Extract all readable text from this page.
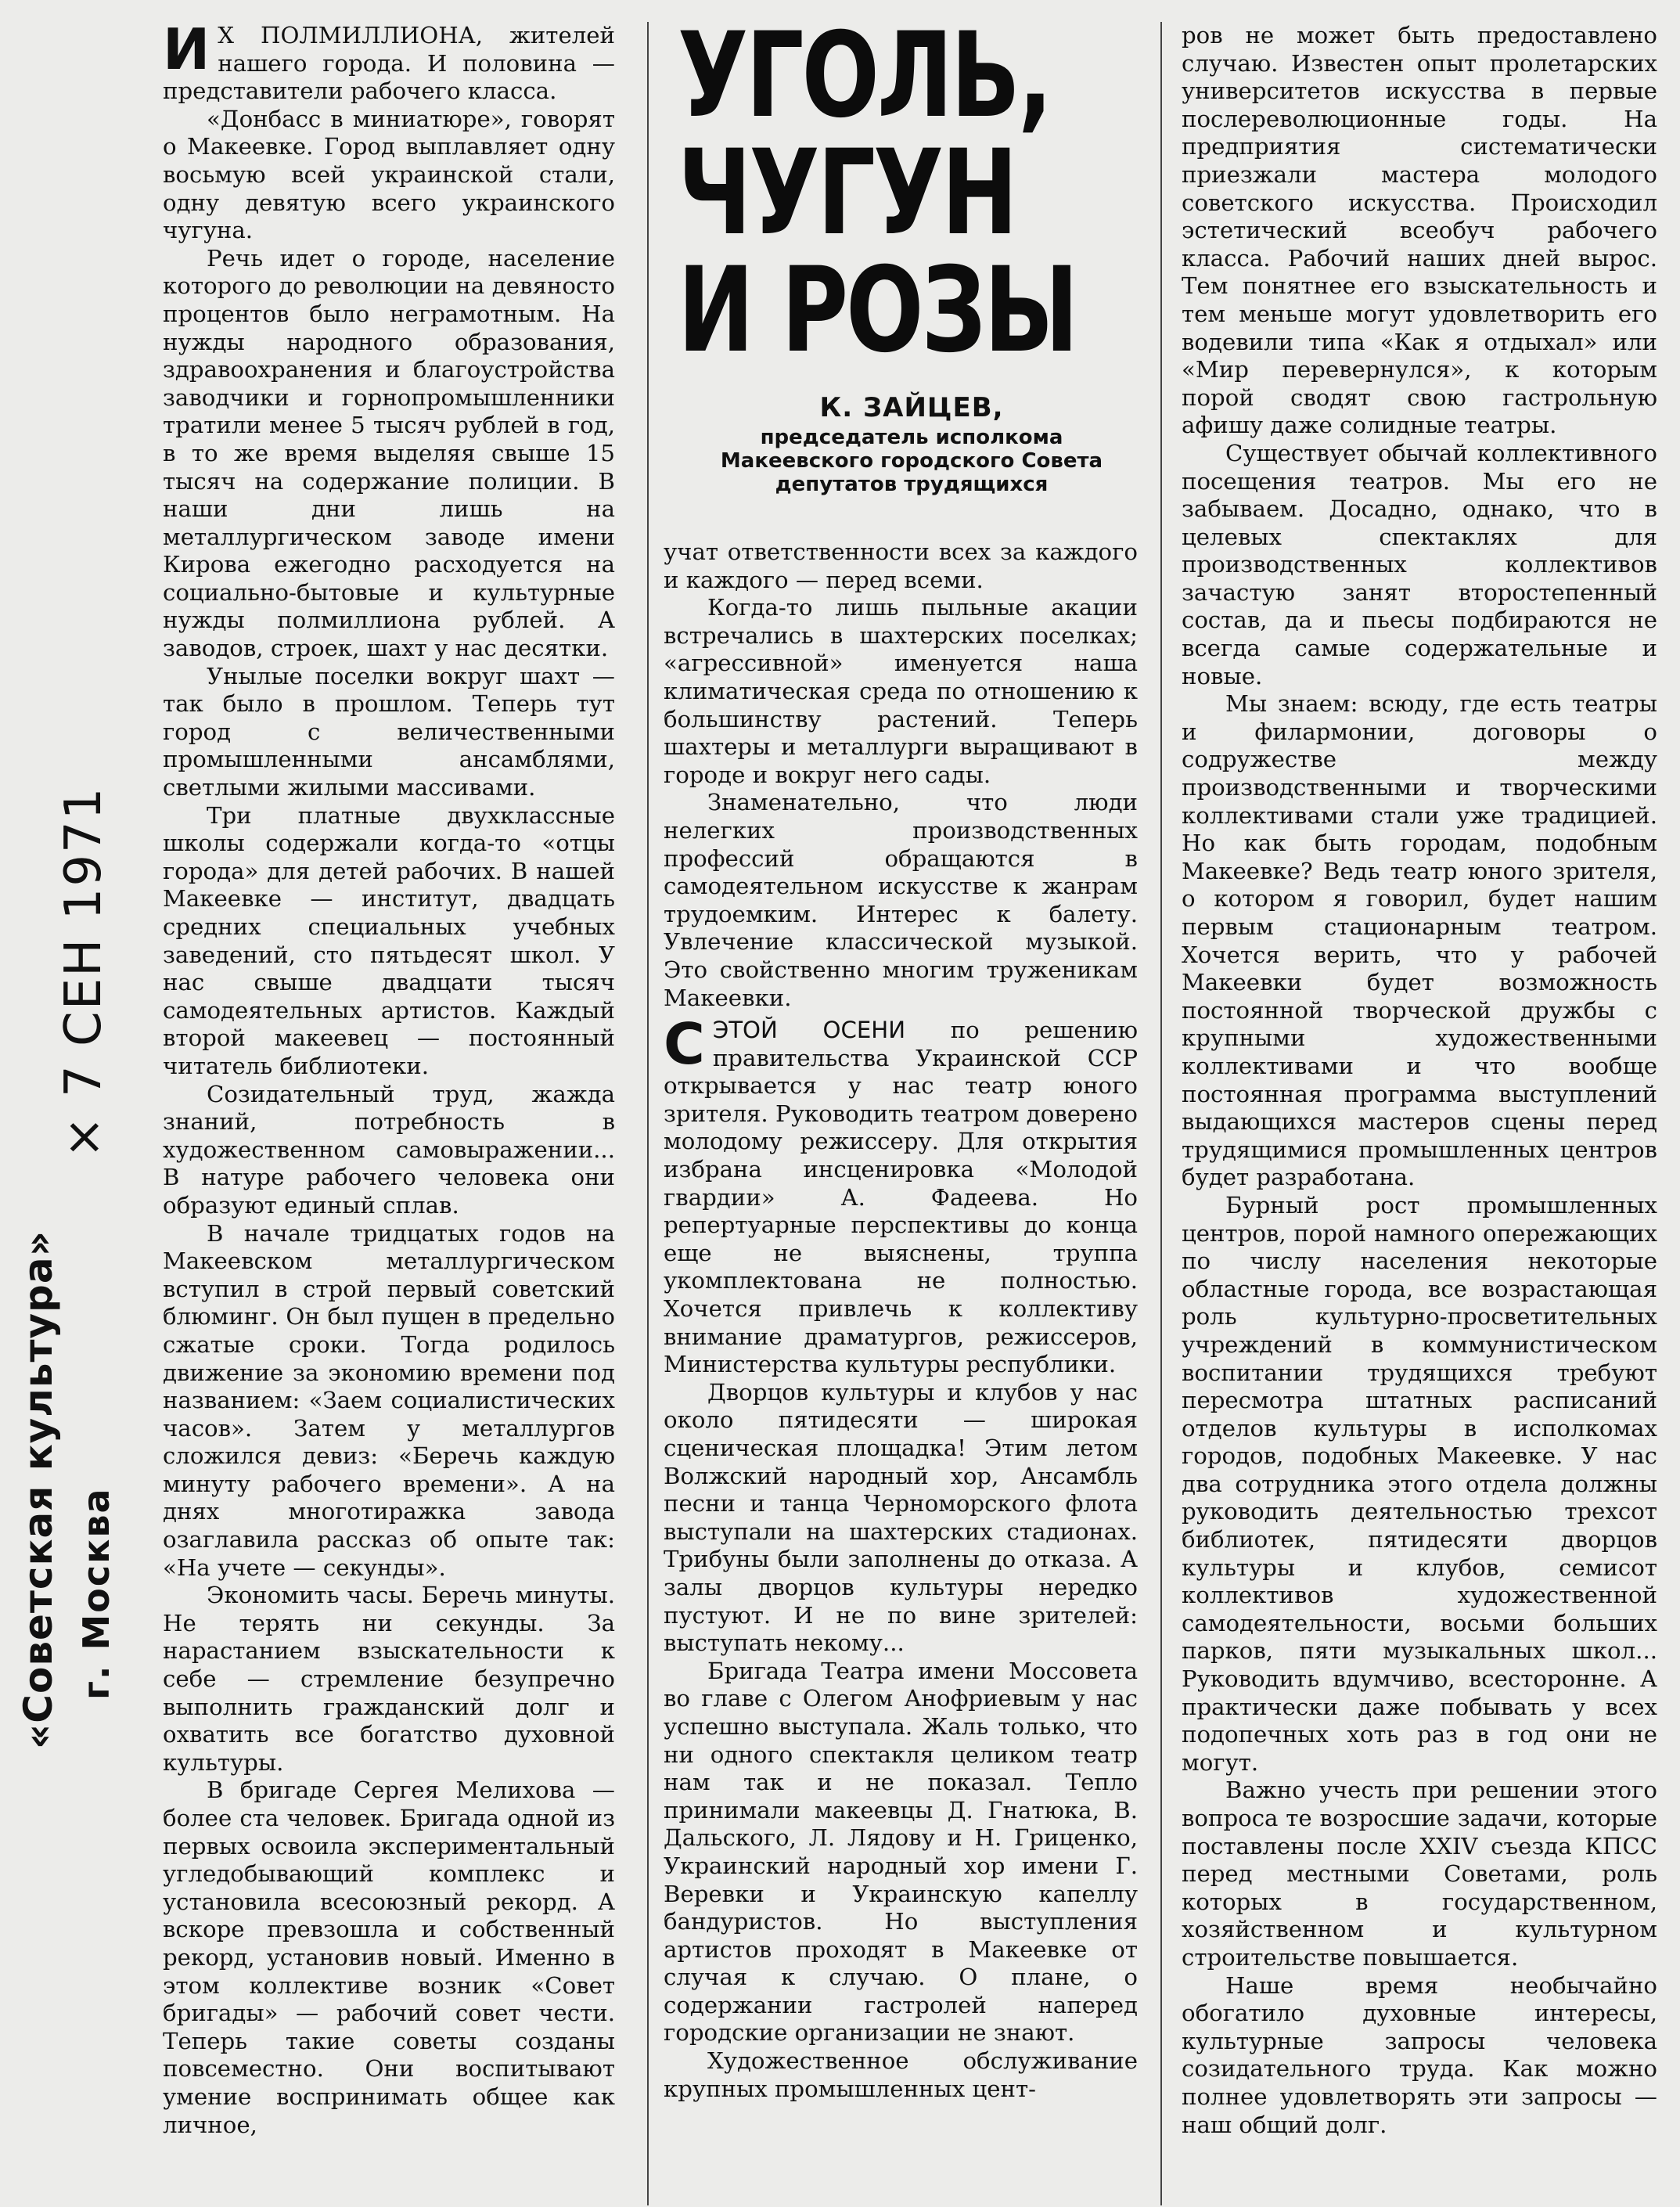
× 7 СЕН 1971
«Советская культура» г. Москва

И Х ПОЛМИЛЛИОНА, жителей нашего города. И половина — представители рабочего класса.

«Донбасс в миниатюре», говорят о Макеевке. Город выплавляет одну восьмую всей украинской стали, одну девятую всего украинского чугуна.

Речь идет о городе, население которого до революции на девяносто процентов было неграмотным. На нужды народного образования, здравоохранения и благоустройства заводчики и горнопромышленники тратили менее 5 тысяч рублей в год, в то же время выделяя свыше 15 тысяч на содержание полиции. В наши дни лишь на металлургическом заводе имени Кирова ежегодно расходуется на социально-бытовые и культурные нужды полмиллиона рублей. А заводов, строек, шахт у нас десятки.

Унылые поселки вокруг шахт — так было в прошлом. Теперь тут город с величественными промышленными ансамблями, светлыми жилыми массивами.

Три платные двухклассные школы содержали когда-то «отцы города» для детей рабочих. В нашей Макеевке — институт, двадцать средних специальных учебных заведений, сто пятьдесят школ. У нас свыше двадцати тысяч самодеятельных артистов. Каждый второй макеевец — постоянный читатель библиотеки.

Созидательный труд, жажда знаний, потребность в художественном самовыражении... В натуре рабочего человека они образуют единый сплав.

В начале тридцатых годов на Макеевском металлургическом вступил в строй первый советский блюминг. Он был пущен в предельно сжатые сроки. Тогда родилось движение за экономию времени под названием: «Заем социалистических часов». Затем у металлургов сложился девиз: «Беречь каждую минуту рабочего времени». А на днях многотиражка завода озаглавила рассказ об опыте так: «На учете — секунды».

Экономить часы. Беречь минуты. Не терять ни секунды. За нарастанием взыскательности к себе — стремление безупречно выполнить гражданский долг и охватить все богатство духовной культуры.

В бригаде Сергея Мелихова — более ста человек. Бригада одной из первых освоила экспериментальный угледобывающий комплекс и установила всесоюзный рекорд. А вскоре превзошла и собственный рекорд, установив новый. Именно в этом коллективе возник «Совет бригады» — рабочий совет чести. Теперь такие советы созданы повсеместно. Они воспитывают умение воспринимать общее как личное,

УГОЛЬ,
ЧУГУН
И РОЗЫ
К. ЗАЙЦЕВ,
председатель исполкома Макеевского городского Совета депутатов трудящихся

учат ответственности всех за каждого и каждого — перед всеми.

Когда-то лишь пыльные акации встречались в шахтерских поселках; «агрессивной» именуется наша климатическая среда по отношению к большинству растений. Теперь шахтеры и металлурги выращивают в городе и вокруг него сады.

Знаменательно, что люди нелегких производственных профессий обращаются в самодеятельном искусстве к жанрам трудоемким. Интерес к балету. Увлечение классической музыкой. Это свойственно многим труженикам Макеевки.

СЭТОЙ ОСЕНИ по решению правительства Украинской ССР открывается у нас театр юного зрителя. Руководить театром доверено молодому режиссеру. Для открытия избрана инсценировка «Молодой гвардии» А. Фадеева. Но репертуарные перспективы до конца еще не выяснены, труппа укомплектована не полностью. Хочется привлечь к коллективу внимание драматургов, режиссеров, Министерства культуры республики.

Дворцов культуры и клубов у нас около пятидесяти — широкая сценическая площадка! Этим летом Волжский народный хор, Ансамбль песни и танца Черноморского флота выступали на шахтерских стадионах. Трибуны были заполнены до отказа. А залы дворцов культуры нередко пустуют. И не по вине зрителей: выступать некому...

Бригада Театра имени Моссовета во главе с Олегом Анофриевым у нас успешно выступала. Жаль только, что ни одного спектакля целиком театр нам так и не показал. Тепло принимали макеевцы Д. Гнатюка, В. Дальского, Л. Лядову и Н. Гриценко, Украинский народный хор имени Г. Веревки и Украинскую капеллу бандуристов. Но выступления артистов проходят в Макеевке от случая к случаю. О плане, о содержании гастролей наперед городские организации не знают.

Художественное обслуживание крупных промышленных цент-

ров не может быть предоставлено случаю. Известен опыт пролетарских университетов искусства в первые послереволюционные годы. На предприятия систематически приезжали мастера молодого советского искусства. Происходил эстетический всеобуч рабочего класса. Рабочий наших дней вырос. Тем понятнее его взыскательность и тем меньше могут удовлетворить его водевили типа «Как я отдыхал» или «Мир перевернулся», к которым порой сводят свою гастрольную афишу даже солидные театры.

Существует обычай коллективного посещения театров. Мы его не забываем. Досадно, однако, что в целевых спектаклях для производственных коллективов зачастую занят второстепенный состав, да и пьесы подбираются не всегда самые содержательные и новые.

Мы знаем: всюду, где есть театры и филармонии, договоры о содружестве между производственными и творческими коллективами стали уже традицией. Но как быть городам, подобным Макеевке? Ведь театр юного зрителя, о котором я говорил, будет нашим первым стационарным театром. Хочется верить, что у рабочей Макеевки будет возможность постоянной творческой дружбы с крупными художественными коллективами и что вообще постоянная программа выступлений выдающихся мастеров сцены перед трудящимися промышленных центров будет разработана.

Бурный рост промышленных центров, порой намного опережающих по числу населения некоторые областные города, все возрастающая роль культурно-просветительных учреждений в коммунистическом воспитании трудящихся требуют пересмотра штатных расписаний отделов культуры в исполкомах городов, подобных Макеевке. У нас два сотрудника этого отдела должны руководить деятельностью трехсот библиотек, пятидесяти дворцов культуры и клубов, семисот коллективов художественной самодеятельности, восьми больших парков, пяти музыкальных школ... Руководить вдумчиво, всесторонне. А практически даже побывать у всех подопечных хоть раз в год они не могут.

Важно учесть при решении этого вопроса те возросшие задачи, которые поставлены после XXIV съезда КПСС перед местными Советами, роль которых в государственном, хозяйственном и культурном строительстве повышается.

Наше время необычайно обогатило духовные интересы, культурные запросы человека созидательного труда. Как можно полнее удовлетворять эти запросы — наш общий долг.
